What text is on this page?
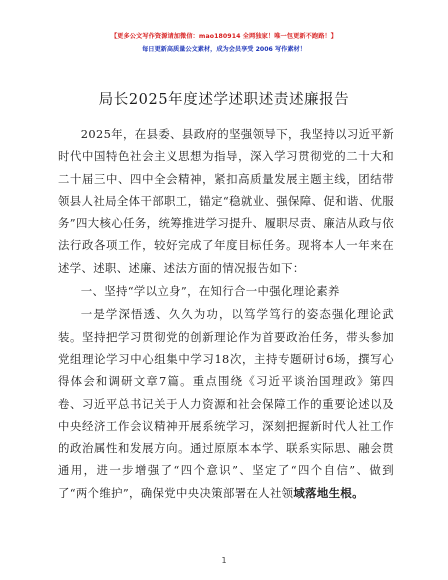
【更多公文写作资源请加微信：mao180914 全网独家！唯一包更新不跑路！】
每日更新高质量公文素材，成为会员享受 2006 写作素材！
局长2025年度述学述职述责述廉报告

2025年，在县委、县政府的坚强领导下，我坚持以习近平新时代中国特色社会主义思想为指导，深入学习贯彻党的二十大和二十届三中、四中全会精神，紧扣高质量发展主题主线，团结带领县人社局全体干部职工，锚定“稳就业、强保障、促和谐、优服务”四大核心任务，统筹推进学习提升、履职尽责、廉洁从政与依法行政各项工作，较好完成了年度目标任务。现将本人一年来在述学、述职、述廉、述法方面的情况报告如下：

一、坚持“学以立身”，在知行合一中强化理论素养

一是学深悟透、久久为功，以笃学笃行的姿态强化理论武装。坚持把学习贯彻党的创新理论作为首要政治任务，带头参加党组理论学习中心组集中学习18次，主持专题研讨6场，撰写心得体会和调研文章7篇。重点围绕《习近平谈治国理政》第四卷、习近平总书记关于人力资源和社会保障工作的重要论述以及中央经济工作会议精神开展系统学习，深刻把握新时代人社工作的政治属性和发展方向。通过原原本本学、联系实际思、融会贯通用，进一步增强了“四个意识”、坚定了“四个自信”、做到了“两个维护”，确保党中央决策部署在人社领域落地生根。

1
